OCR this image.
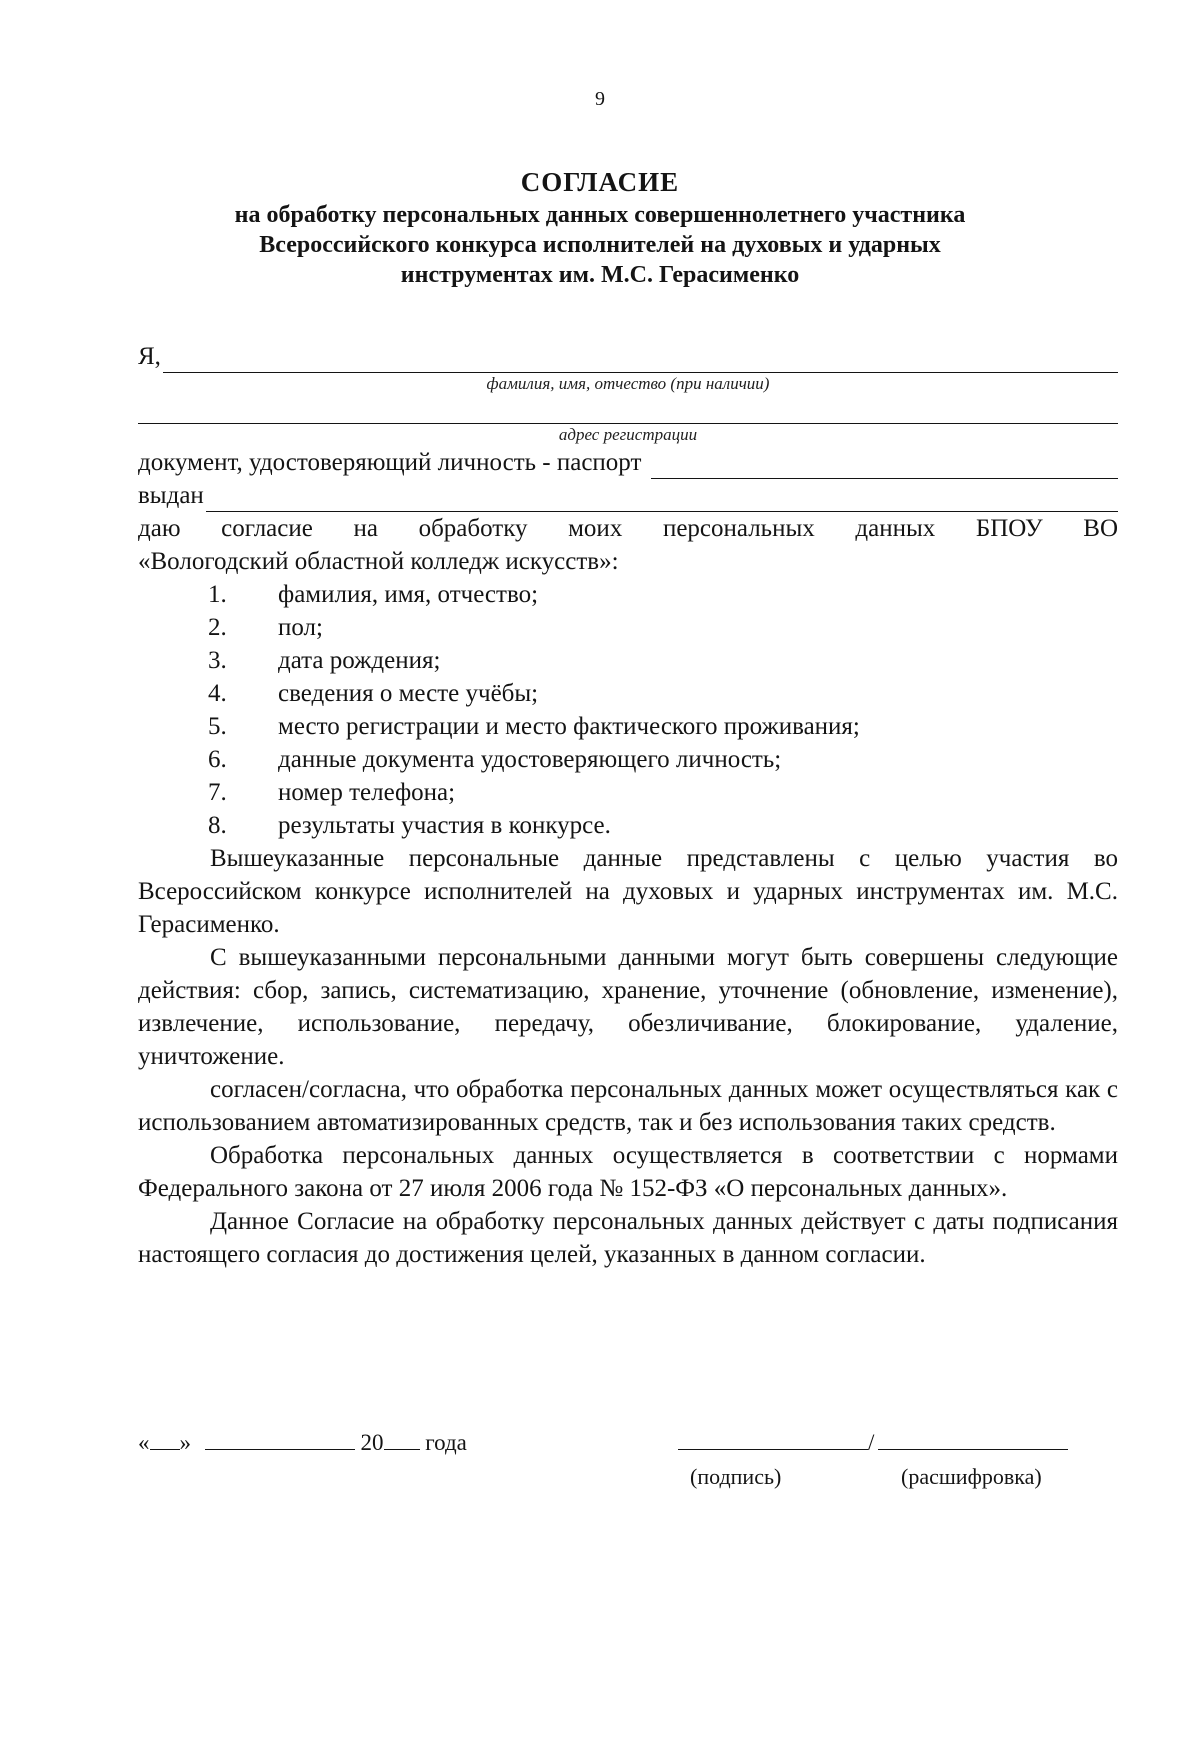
9
СОГЛАСИЕ
на обработку персональных данных совершеннолетнего участника
Всероссийского конкурса исполнителей на духовых и ударных
инструментах им. М.С. Герасименко
Я,
фамилия, имя, отчество (при наличии)
адрес регистрации
документ, удостоверяющий личность - паспорт
выдан
даю согласие на обработку моих персональных данных БПОУ ВО
«Вологодский областной колледж искусств»:
1.	фамилия, имя, отчество;
2.	пол;
3.	дата рождения;
4.	сведения о месте учёбы;
5.	место регистрации и место фактического проживания;
6.	данные документа удостоверяющего личность;
7.	номер телефона;
8.	результаты участия в конкурсе.

Вышеуказанные персональные данные представлены с целью участия во Всероссийском конкурсе исполнителей на духовых и ударных инструментах им. М.С. Герасименко.

С вышеуказанными персональными данными могут быть совершены следующие действия: сбор, запись, систематизацию, хранение, уточнение (обновление, изменение), извлечение, использование, передачу, обезличивание, блокирование, удаление, уничтожение.

согласен/согласна, что обработка персональных данных может осуществляться как с использованием автоматизированных средств, так и без использования таких средств.

Обработка персональных данных осуществляется в соответствии с нормами Федерального закона от 27 июля 2006 года № 152-ФЗ «О персональных данных».

Данное Согласие на обработку персональных данных действует с даты подписания настоящего согласия до достижения целей, указанных в данном согласии.

« »	20 года	/
(подпись)	(расшифровка)
